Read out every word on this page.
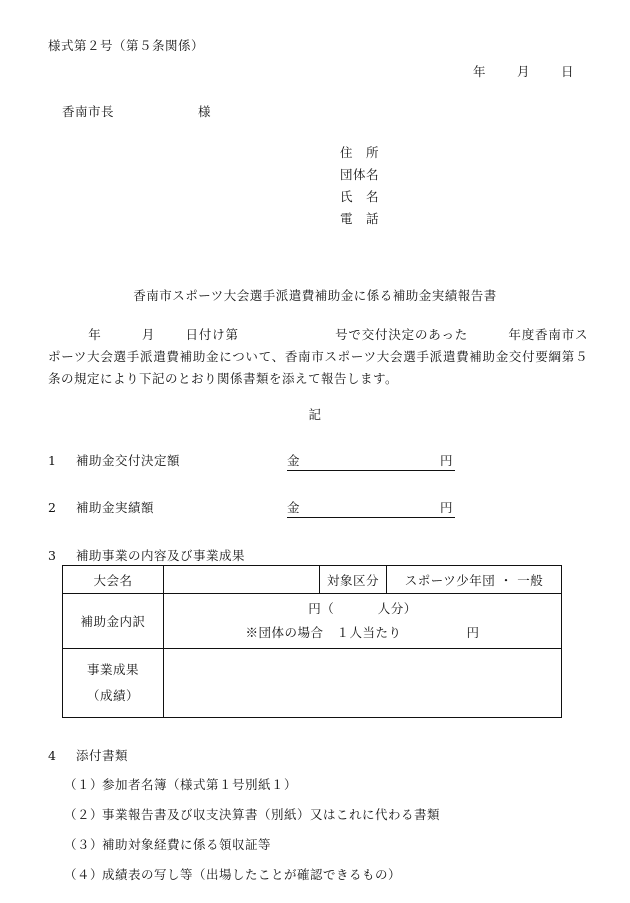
様式第２号（第５条関係）
年 月 日
香南市長	様
住　所
団体名
氏　名
電　話
香南市スポーツ大会選手派遣費補助金に係る補助金実績報告書
年	月 日付け第	号で交付決定のあった	年度香南市スポーツ大会選手派遣費補助金について、香南市スポーツ大会選手派遣費補助金交付要綱第５条の規定により下記のとおり関係書類を添えて報告します。
記
1 補助金交付決定額	金	円
2 補助金実績額	金	円
3 補助事業の内容及び事業成果
大会名		対象区分	スポーツ少年団 ・ 一般
補助金内訳	円（　　　 人分）
※団体の場合　１人当たり　　　　　円		

事業成果
（成績）			

4 添付書類
（１）参加者名簿（様式第１号別紙１）
（２）事業報告書及び収支決算書（別紙）又はこれに代わる書類
（３）補助対象経費に係る領収証等
（４）成績表の写し等（出場したことが確認できるもの）
